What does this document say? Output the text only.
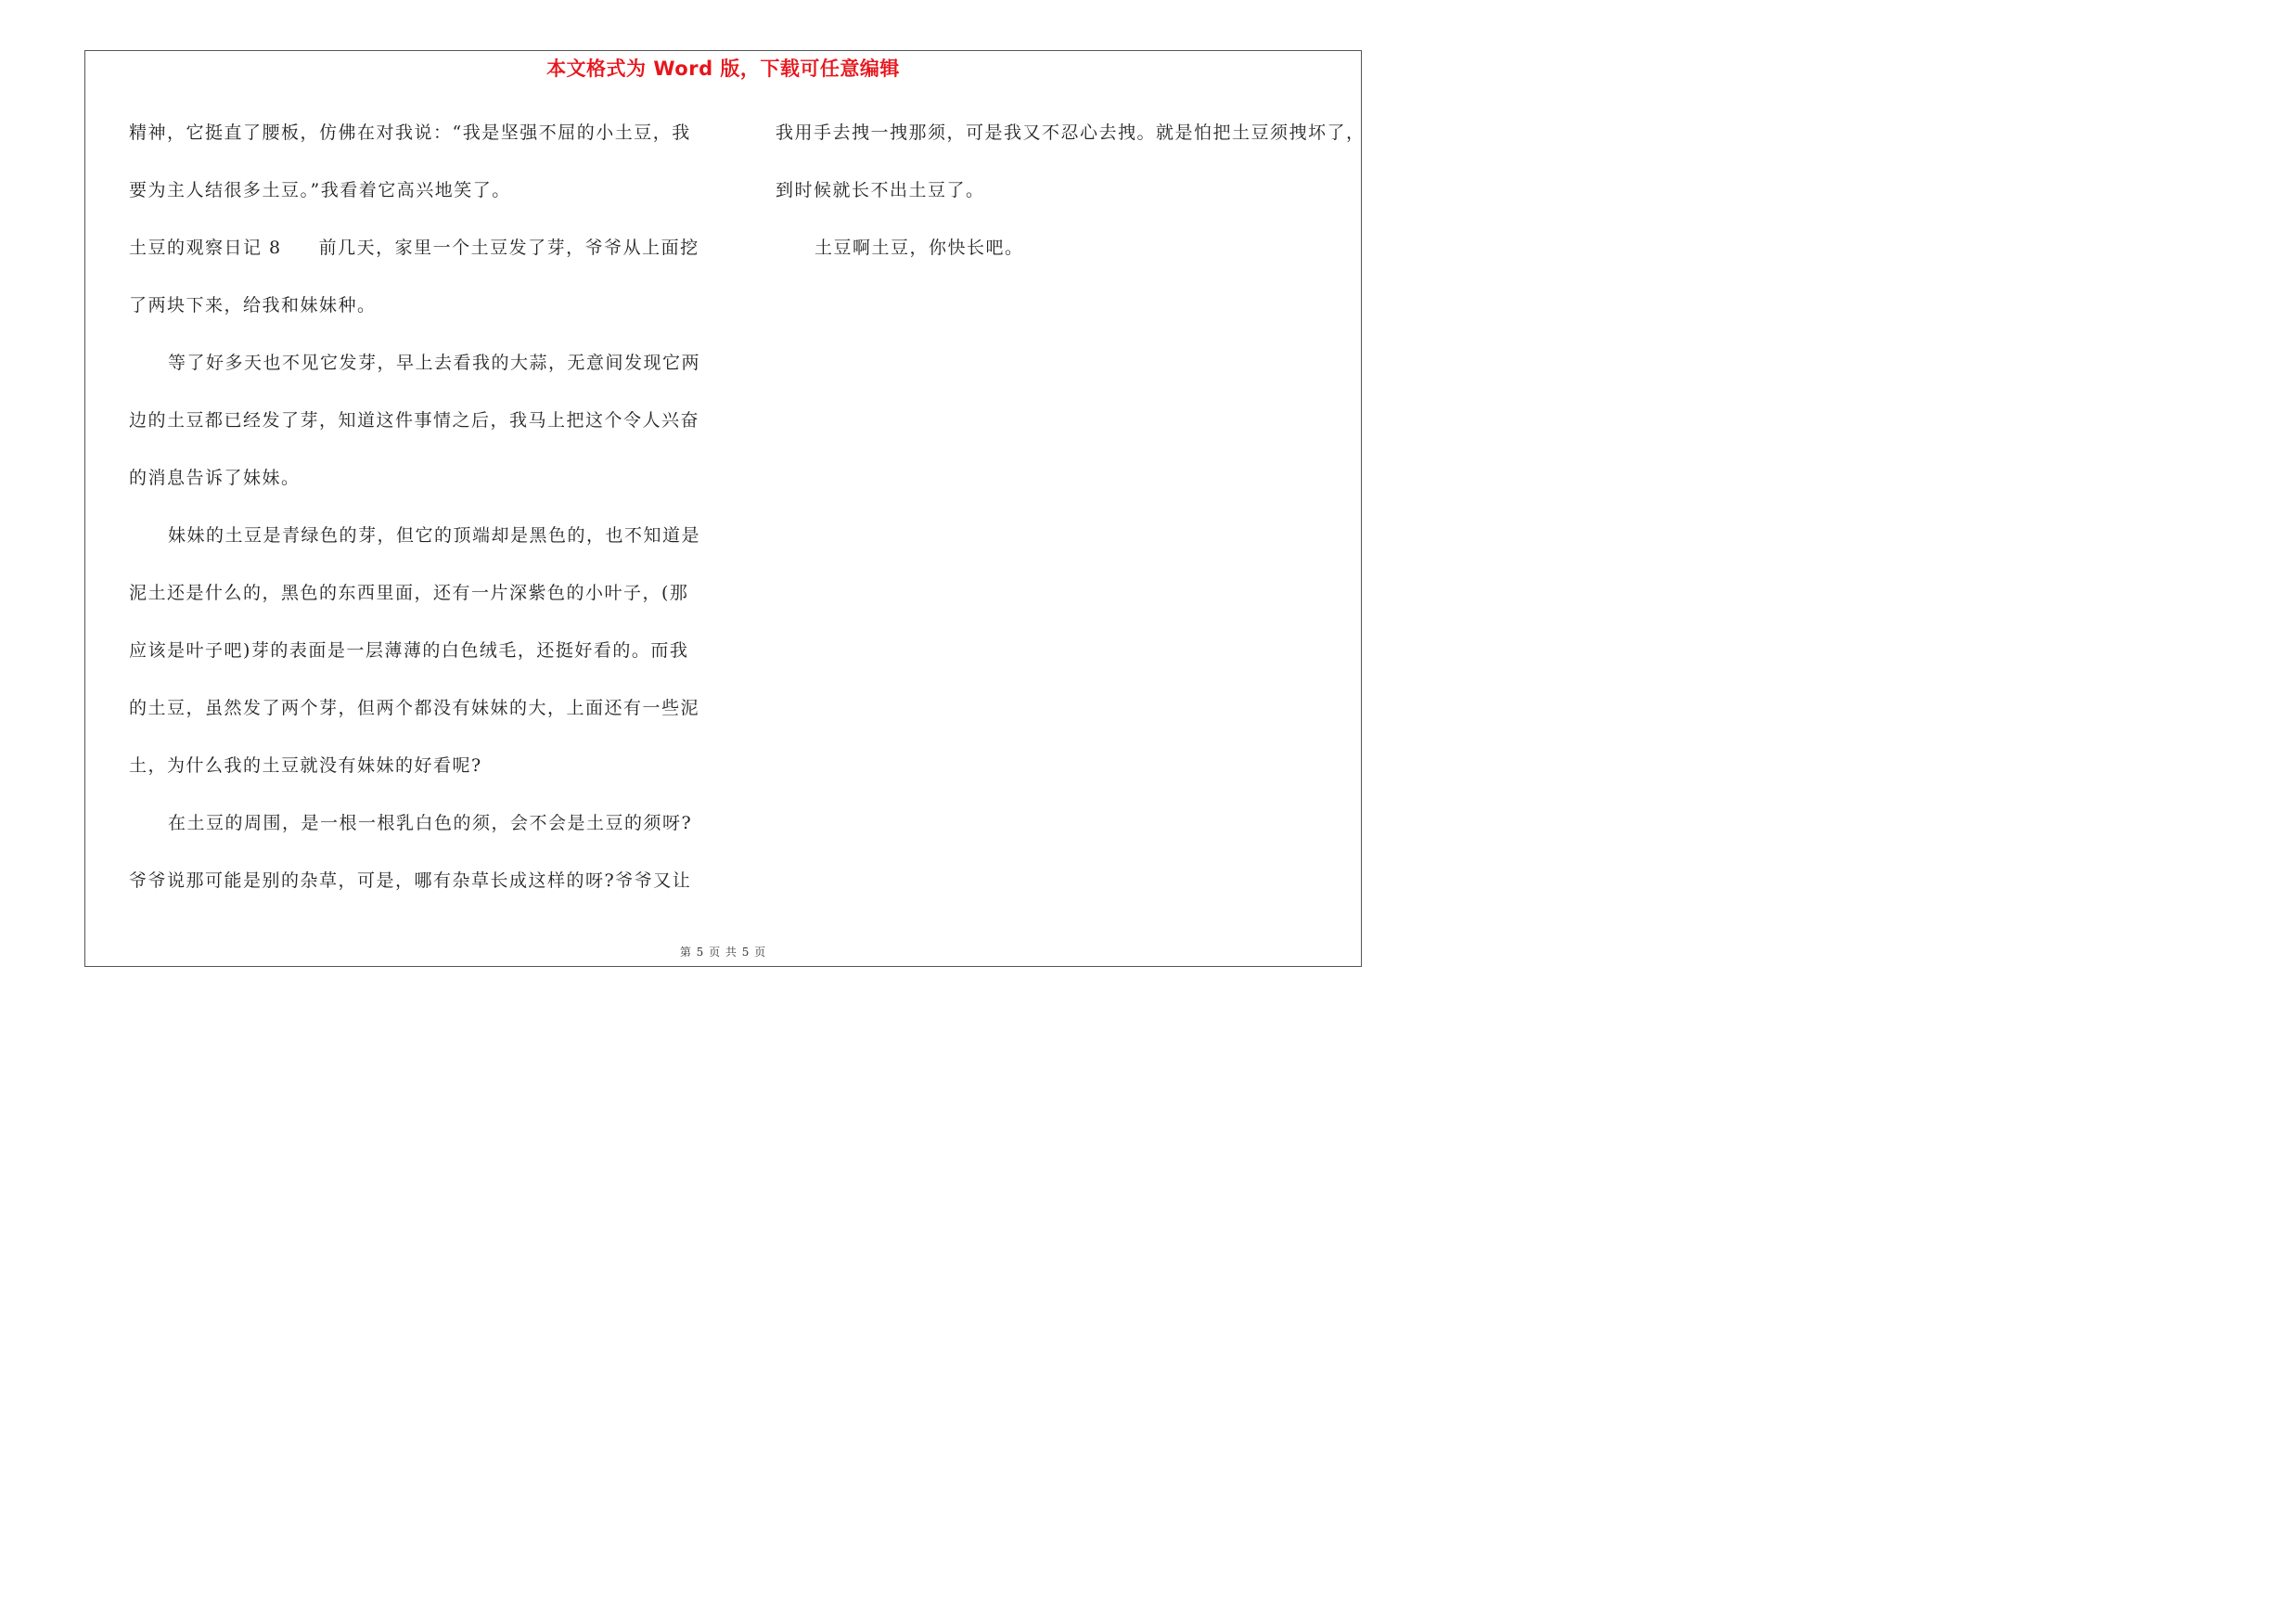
本文格式为 Word 版，下载可任意编辑
精神，它挺直了腰板，仿佛在对我说：“我是坚强不屈的小土豆，我
要为主人结很多土豆。”我看着它高兴地笑了。
土豆的观察日记 8 前几天，家里一个土豆发了芽，爷爷从上面挖
了两块下来，给我和妹妹种。
等了好多天也不见它发芽，早上去看我的大蒜，无意间发现它两
边的土豆都已经发了芽，知道这件事情之后，我马上把这个令人兴奋
的消息告诉了妹妹。
妹妹的土豆是青绿色的芽，但它的顶端却是黑色的，也不知道是
泥土还是什么的，黑色的东西里面，还有一片深紫色的小叶子，(那
应该是叶子吧)芽的表面是一层薄薄的白色绒毛，还挺好看的。而我
的土豆，虽然发了两个芽，但两个都没有妹妹的大，上面还有一些泥
土，为什么我的土豆就没有妹妹的好看呢?
在土豆的周围，是一根一根乳白色的须，会不会是土豆的须呀?
爷爷说那可能是别的杂草，可是，哪有杂草长成这样的呀?爷爷又让
我用手去拽一拽那须，可是我又不忍心去拽。就是怕把土豆须拽坏了，
到时候就长不出土豆了。
土豆啊土豆，你快长吧。
第 5 页 共 5 页
